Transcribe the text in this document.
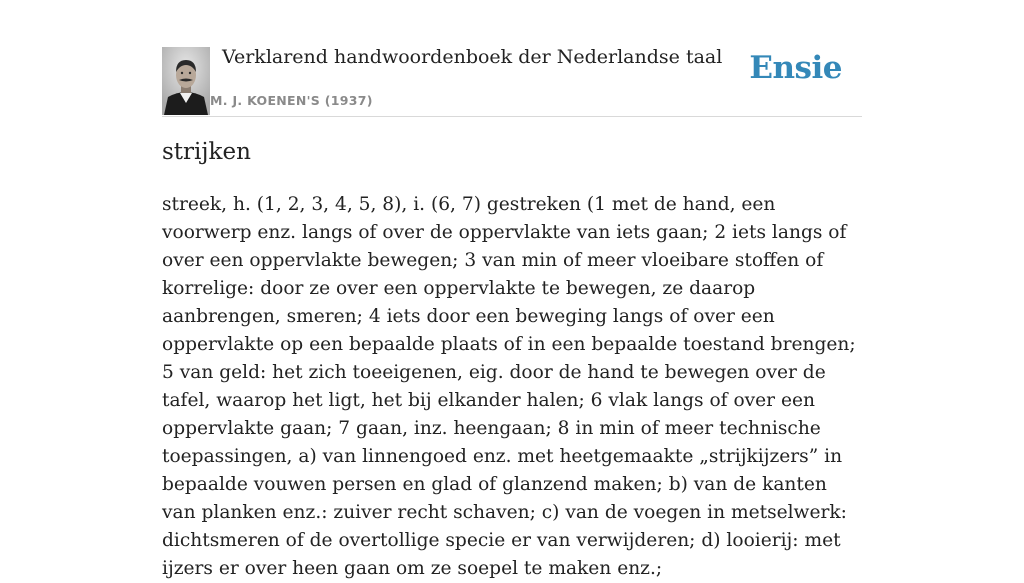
Verklarend handwoordenboek der Nederlandse taal
M. J. KOENEN'S (1937)
Ensie
strijken

streek, h. (1, 2, 3, 4, 5, 8), i. (6, 7) gestreken (1 met de hand, een voorwerp enz. langs of over de oppervlakte van iets gaan; 2 iets langs of over een oppervlakte bewegen; 3 van min of meer vloeibare stoffen of korrelige: door ze over een oppervlakte te bewegen, ze daarop aanbrengen, smeren; 4 iets door een beweging langs of over een oppervlakte op een bepaalde plaats of in een bepaalde toestand brengen; 5 van geld: het zich toeeigenen, eig. door de hand te bewegen over de tafel, waarop het ligt, het bij elkander halen; 6 vlak langs of over een oppervlakte gaan; 7 gaan, inz. heengaan; 8 in min of meer technische toepassingen, a) van linnengoed enz. met heetgemaakte „strijkijzers” in bepaalde vouwen persen en glad of glanzend maken; b) van de kanten van planken enz.: zuiver recht schaven; c) van de voegen in metselwerk: dichtsmeren of de overtollige specie er van verwijderen; d) looierij: met ijzers er over heen gaan om ze soepel te maken enz.;
